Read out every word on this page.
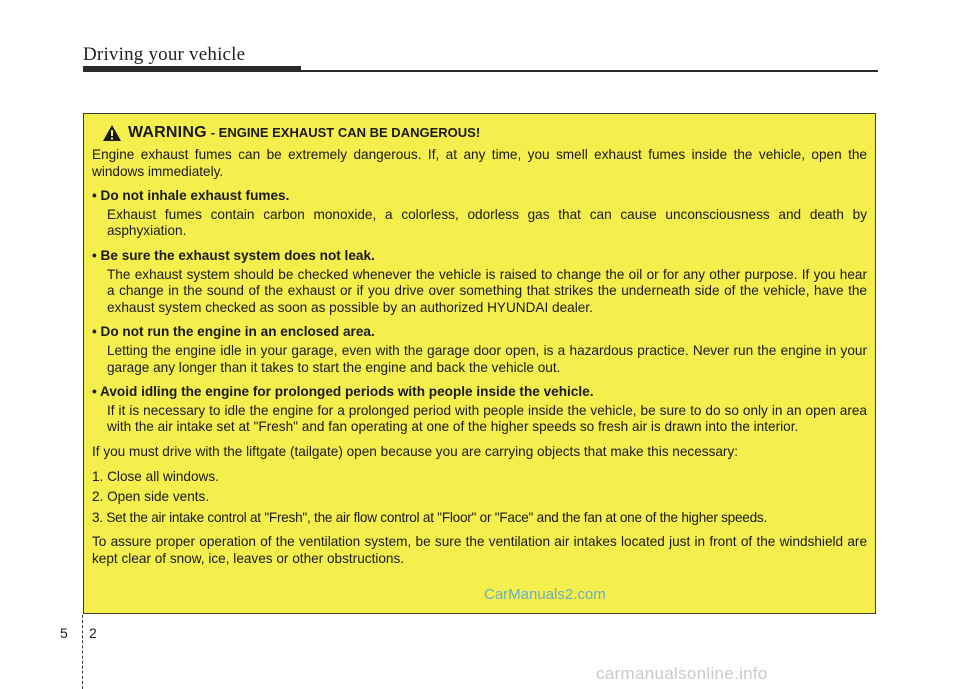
Driving your vehicle
WARNING - ENGINE EXHAUST CAN BE DANGEROUS!

Engine exhaust fumes can be extremely dangerous. If, at any time, you smell exhaust fumes inside the vehicle, open the windows immediately.

• Do not inhale exhaust fumes.

Exhaust fumes contain carbon monoxide, a colorless, odorless gas that can cause unconsciousness and death by asphyxiation.

• Be sure the exhaust system does not leak.

The exhaust system should be checked whenever the vehicle is raised to change the oil or for any other purpose. If you hear a change in the sound of the exhaust or if you drive over something that strikes the underneath side of the vehicle, have the exhaust system checked as soon as possible by an authorized HYUNDAI dealer.

• Do not run the engine in an enclosed area.

Letting the engine idle in your garage, even with the garage door open, is a hazardous practice. Never run the engine in your garage any longer than it takes to start the engine and back the vehicle out.

• Avoid idling the engine for prolonged periods with people inside the vehicle.

If it is necessary to idle the engine for a prolonged period with people inside the vehicle, be sure to do so only in an open area with the air intake set at "Fresh" and fan operating at one of the higher speeds so fresh air is drawn into the interior.

If you must drive with the liftgate (tailgate) open because you are carrying objects that make this necessary:

1. Close all windows.

2. Open side vents.

3. Set the air intake control at "Fresh", the air flow control at "Floor" or "Face" and the fan at one of the higher speeds.

To assure proper operation of the ventilation system, be sure the ventilation air intakes located just in front of the windshield are kept clear of snow, ice, leaves or other obstructions.

CarManuals2.com
5 2
carmanualsonline.info
